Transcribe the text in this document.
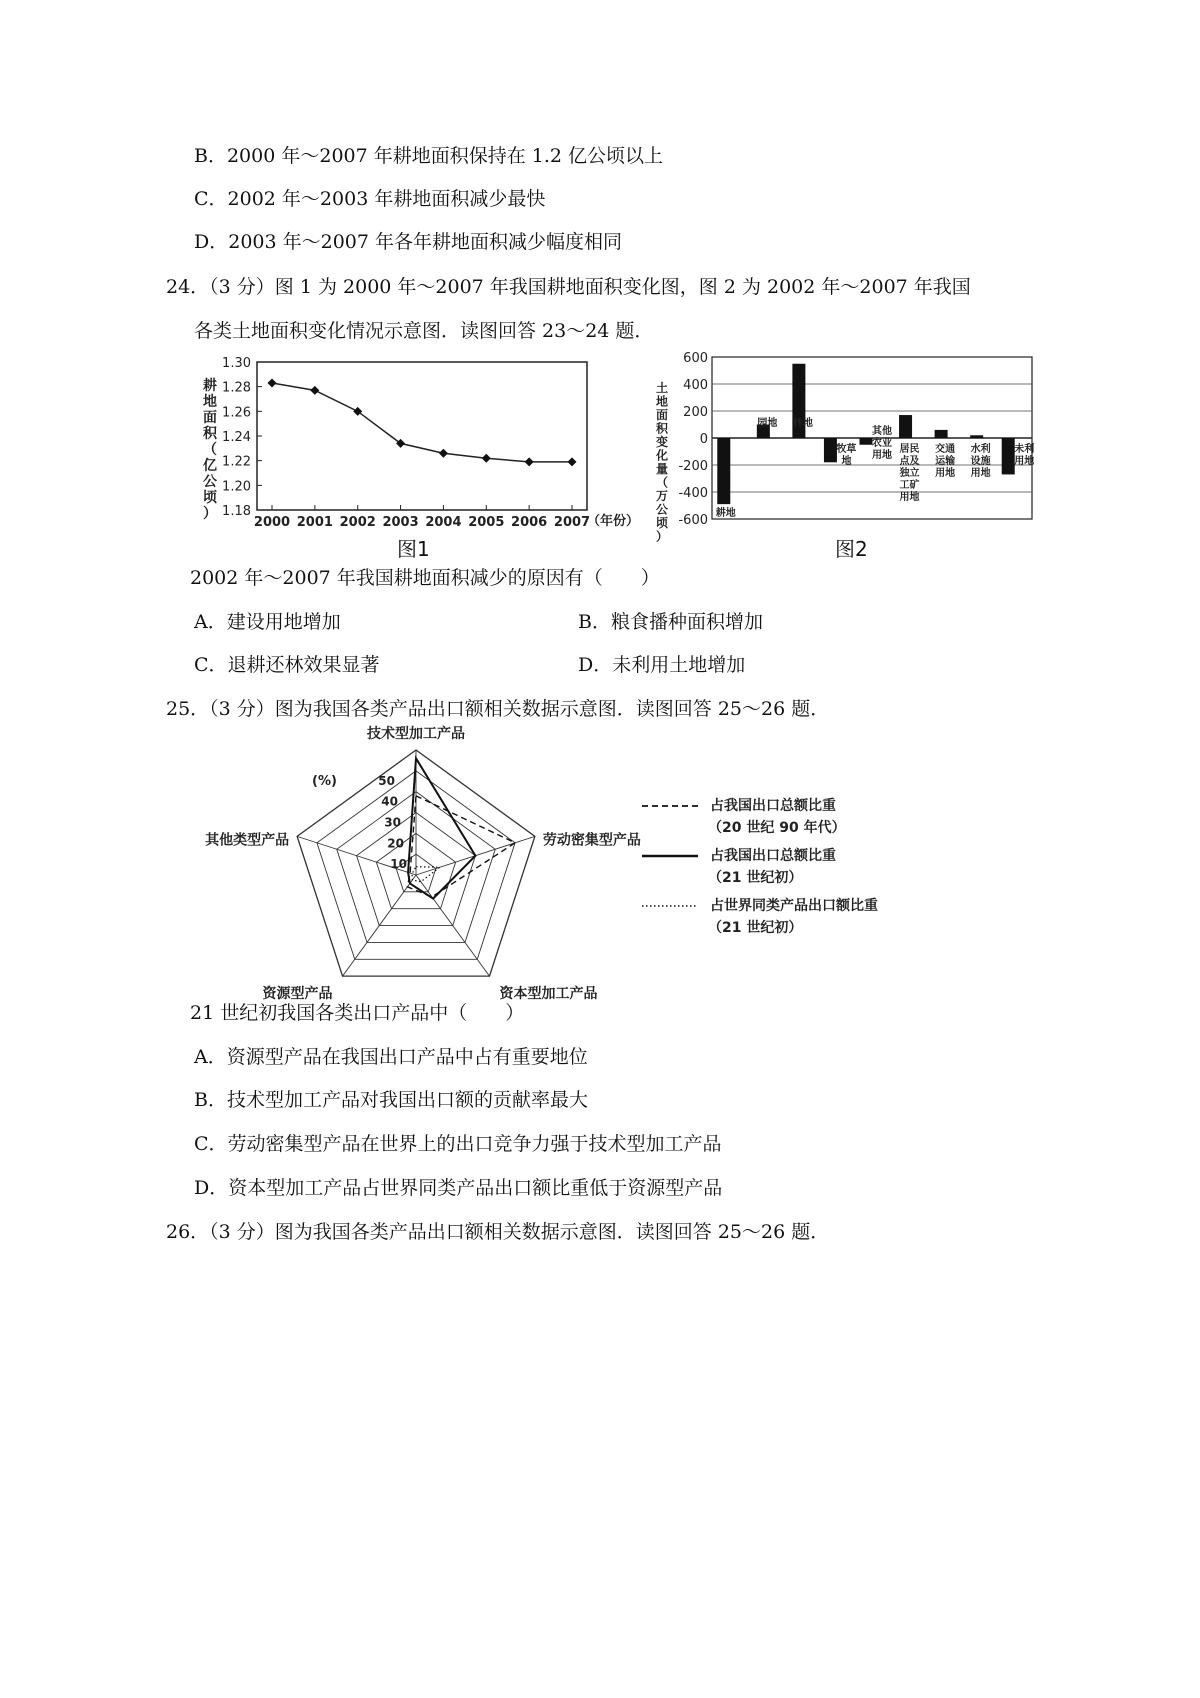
B．2000 年～2007 年耕地面积保持在 1.2 亿公顷以上
C．2002 年～2003 年耕地面积减少最快
D．2003 年～2007 年各年耕地面积减少幅度相同
24．（3 分）图 1 为 2000 年～2007 年我国耕地面积变化图，图 2 为 2002 年～2007 年我国
各类土地面积变化情况示意图．读图回答 23～24 题．
耕地面积（亿公顷） 1.18
1.20
1.22
1.24
1.26
1.28
1.30
2000 2001 2002 2003 2004 2005 2006 2007
（年份）
图1
600
400
200
0
-200
-400
-600
土
地
面
积
变
化
量
（
万
公
顷
）
耕地
园地 林地
牧草
地
其他
农业
用地
居民
点及
独立
工矿
用地
交通
运输
用地
水利
设施
用地
未利
用地
图2
2002 年～2007 年我国耕地面积减少的原因有（　　）
A．建设用地增加	B．粮食播种面积增加
C．退耕还林效果显著	D．未利用土地增加
25．（3 分）图为我国各类产品出口额相关数据示意图．读图回答 25～26 题．
10
20
30
40
50
(%)
技术型加工产品
劳动密集型产品
资本型加工产品
资源型产品
其他类型产品
占我国出口总额比重
（20 世纪 90 年代）
占我国出口总额比重
（21 世纪初）
占世界同类产品出口额比重
（21 世纪初）
21 世纪初我国各类出口产品中（　　）
A．资源型产品在我国出口产品中占有重要地位
B．技术型加工产品对我国出口额的贡献率最大
C．劳动密集型产品在世界上的出口竞争力强于技术型加工产品
D．资本型加工产品占世界同类产品出口额比重低于资源型产品
26．（3 分）图为我国各类产品出口额相关数据示意图．读图回答 25～26 题．
